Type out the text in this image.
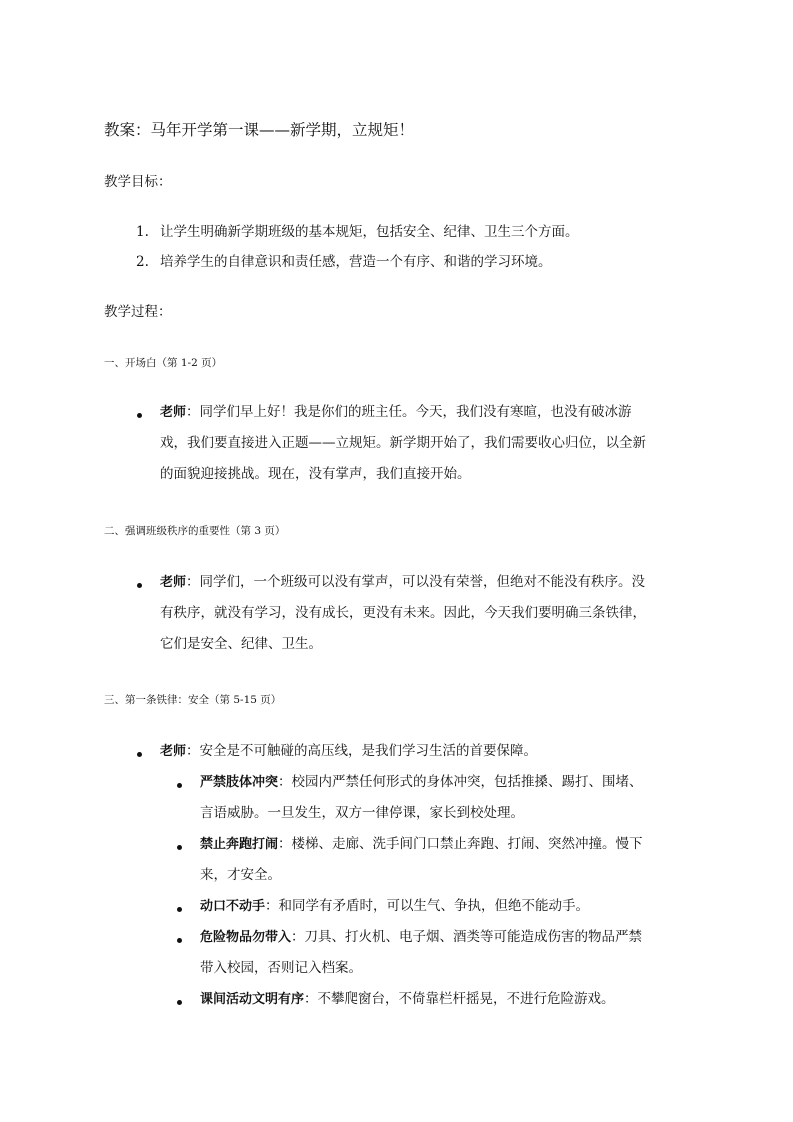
教案：马年开学第一课——新学期，立规矩！
教学目标：
1. 让学生明确新学期班级的基本规矩，包括安全、纪律、卫生三个方面。
2. 培养学生的自律意识和责任感，营造一个有序、和谐的学习环境。
教学过程：
一、开场白（第 1-2 页）
老师：同学们早上好！我是你们的班主任。今天，我们没有寒暄，也没有破冰游
戏，我们要直接进入正题——立规矩。新学期开始了，我们需要收心归位，以全新
的面貌迎接挑战。现在，没有掌声，我们直接开始。
二、强调班级秩序的重要性（第 3 页）
老师：同学们，一个班级可以没有掌声，可以没有荣誉，但绝对不能没有秩序。没
有秩序，就没有学习，没有成长，更没有未来。因此，今天我们要明确三条铁律，
它们是安全、纪律、卫生。
三、第一条铁律：安全（第 5-15 页）
老师：安全是不可触碰的高压线，是我们学习生活的首要保障。
严禁肢体冲突：校园内严禁任何形式的身体冲突，包括推搡、踢打、围堵、
言语威胁。一旦发生，双方一律停课，家长到校处理。
禁止奔跑打闹：楼梯、走廊、洗手间门口禁止奔跑、打闹、突然冲撞。慢下
来，才安全。
动口不动手：和同学有矛盾时，可以生气、争执，但绝不能动手。
危险物品勿带入：刀具、打火机、电子烟、酒类等可能造成伤害的物品严禁
带入校园，否则记入档案。
课间活动文明有序：不攀爬窗台，不倚靠栏杆摇晃，不进行危险游戏。
